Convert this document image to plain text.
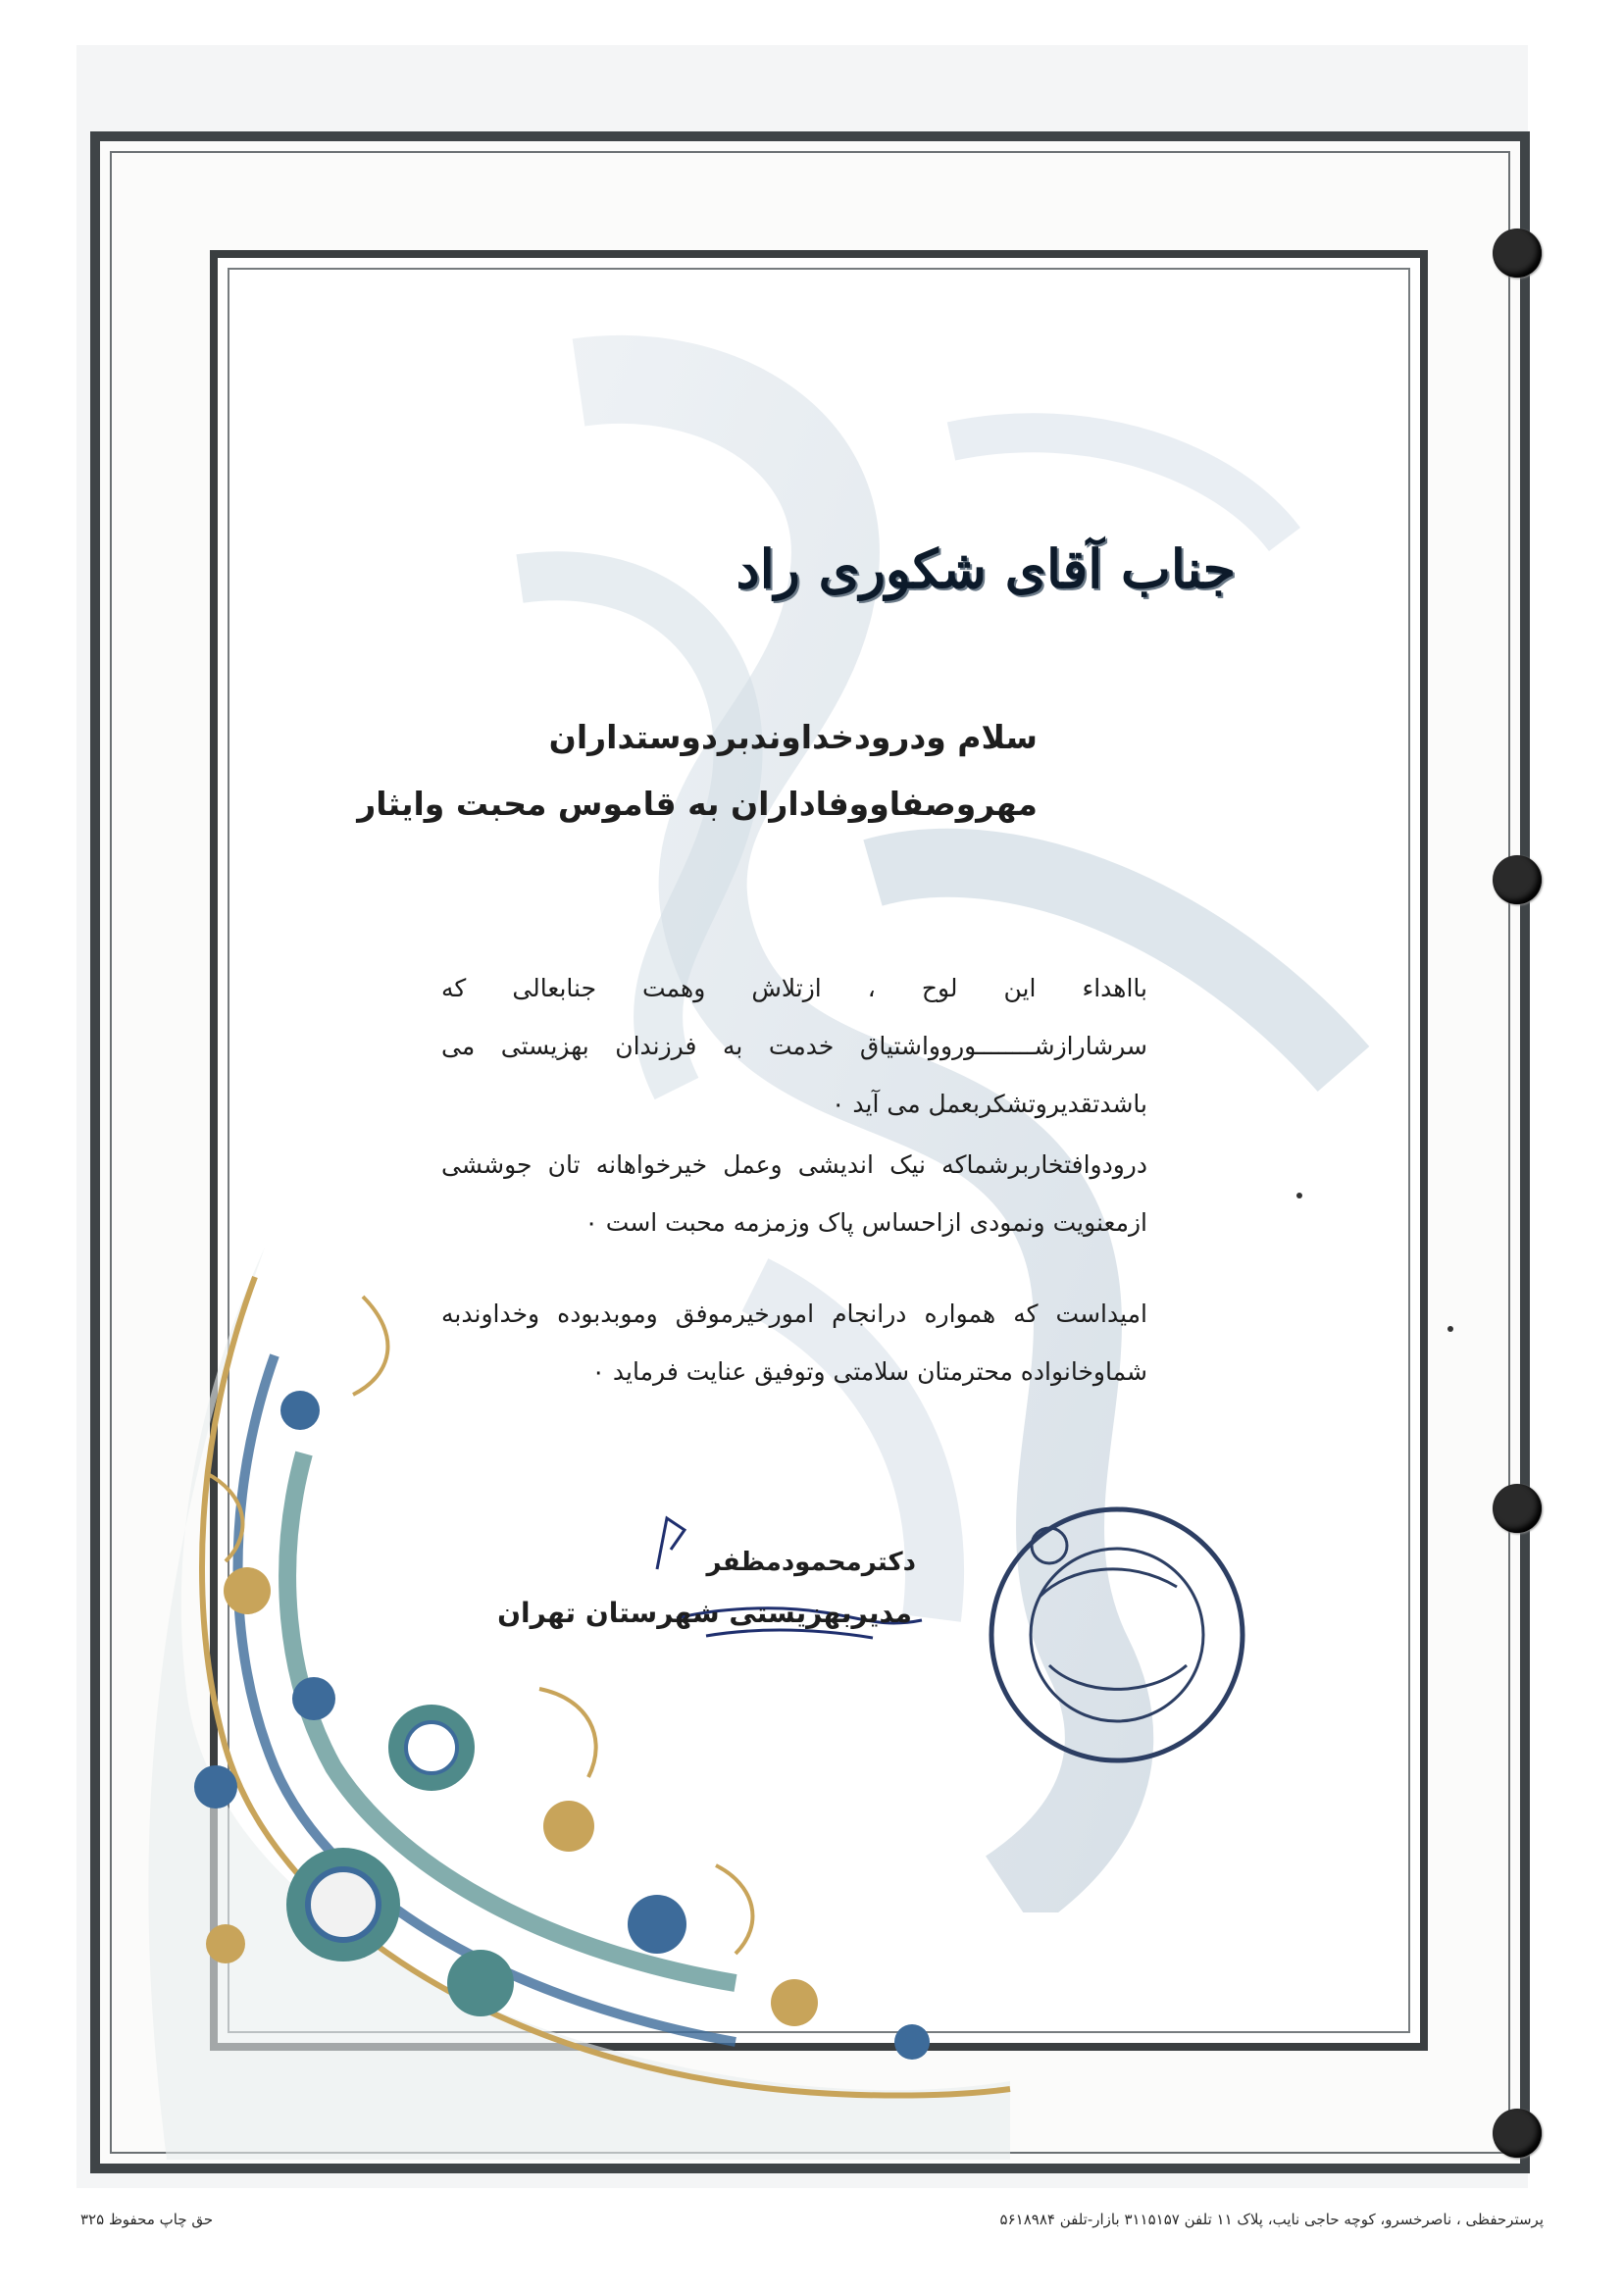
جناب آقای شکوری راد
سلام ودرودخداوندبردوستداران
مهروصفاووفاداران به قاموس محبت وایثار
بااهداء این لوح ، ازتلاش وهمت جنابعالی که سرشارازشــــــــوروواشتیاق خدمت به فرزندان بهزیستی می باشدتقدیروتشکربعمل می آید ۰
درودوافتخاربرشماکه نیک اندیشی وعمل خیرخواهانه تان جوششی ازمعنویت ونمودی ازاحساس پاک وزمزمه محبت است ۰
امیداست که همواره درانجام امورخیرموفق وموبدبوده وخداوندبه شماوخانواده محترمتان سلامتی وتوفیق عنایت فرماید ۰
دکترمحمودمظفر
مدیربهزیستی شهرستان تهران
حق چاپ محفوظ ۳۲۵	پرسترحفظی ، ناصرخسرو، کوچه حاجی نایب، پلاک ۱۱ تلفن ۳۱۱۵۱۵۷ بازار-تلفن ۵۶۱۸۹۸۴
